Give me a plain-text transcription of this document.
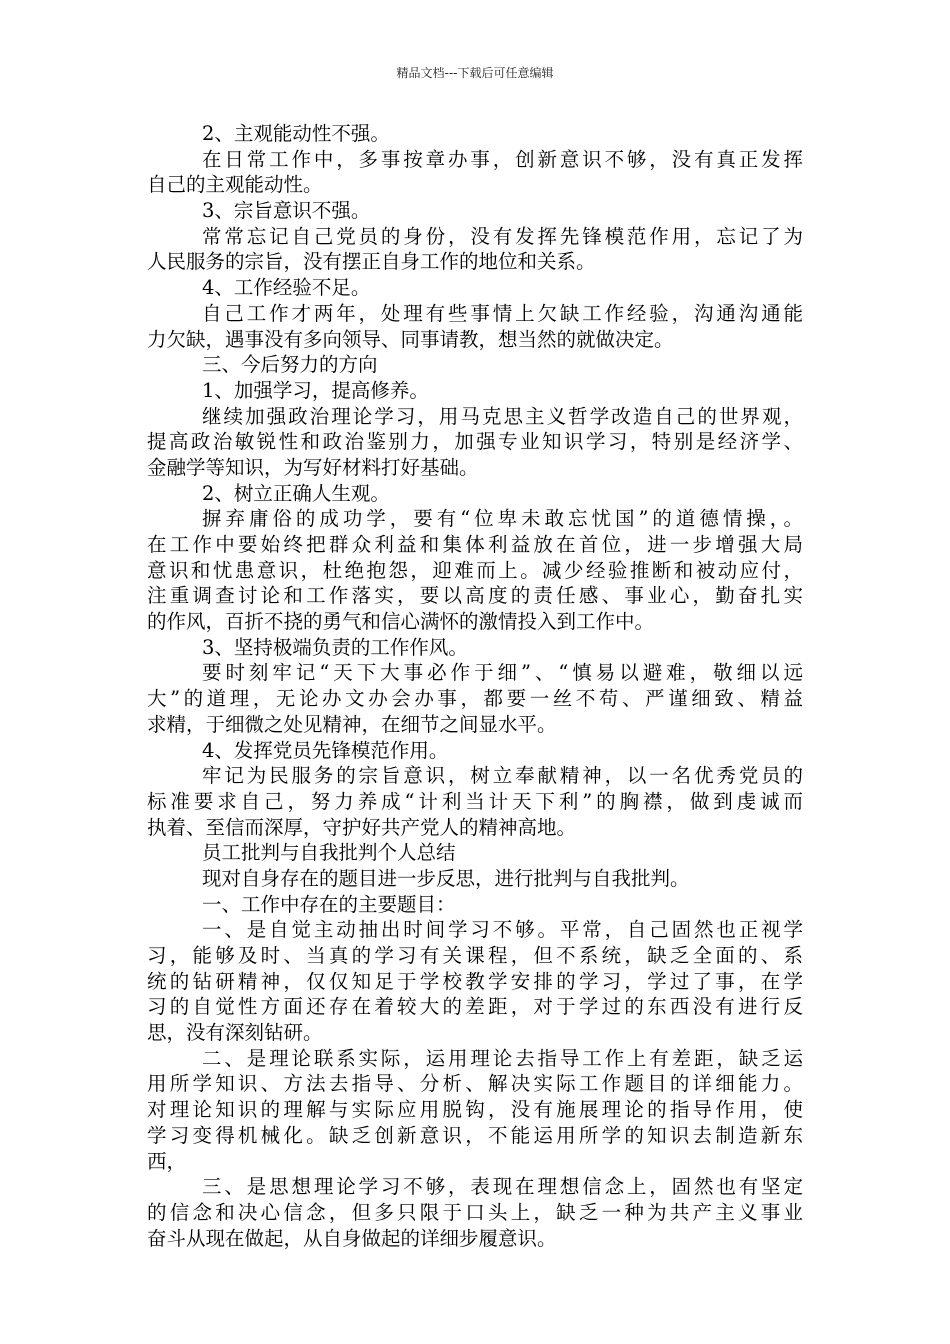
精品文档---下载后可任意编辑
2、主观能动性不强。
在日常工作中，多事按章办事，创新意识不够，没有真正发挥
自己的主观能动性。
3、宗旨意识不强。
常常忘记自己党员的身份，没有发挥先锋模范作用，忘记了为
人民服务的宗旨，没有摆正自身工作的地位和关系。
4、工作经验不足。
自己工作才两年，处理有些事情上欠缺工作经验，沟通沟通能
力欠缺，遇事没有多向领导、同事请教，想当然的就做决定。
三、今后努力的方向
1、加强学习，提高修养。
继续加强政治理论学习，用马克思主义哲学改造自己的世界观，
提高政治敏锐性和政治鉴别力，加强专业知识学习，特别是经济学、
金融学等知识，为写好材料打好基础。
2、树立正确人生观。
摒弃庸俗的成功学，要有“位卑未敢忘忧国”的道德情操，。
在工作中要始终把群众利益和集体利益放在首位，进一步增强大局
意识和忧患意识，杜绝抱怨，迎难而上。减少经验推断和被动应付，
注重调查讨论和工作落实，要以高度的责任感、事业心，勤奋扎实
的作风，百折不挠的勇气和信心满怀的激情投入到工作中。
3、坚持极端负责的工作作风。
要时刻牢记“天下大事必作于细”、“慎易以避难，敬细以远
大”的道理，无论办文办会办事，都要一丝不苟、严谨细致、精益
求精，于细微之处见精神，在细节之间显水平。
4、发挥党员先锋模范作用。
牢记为民服务的宗旨意识，树立奉献精神，以一名优秀党员的
标准要求自己，努力养成“计利当计天下利”的胸襟，做到虔诚而
执着、至信而深厚，守护好共产党人的精神高地。
员工批判与自我批判个人总结
现对自身存在的题目进一步反思，进行批判与自我批判。
一、工作中存在的主要题目：
一、是自觉主动抽出时间学习不够。平常，自己固然也正视学
习，能够及时、当真的学习有关课程，但不系统，缺乏全面的、系
统的钻研精神，仅仅知足于学校教学安排的学习，学过了事，在学
习的自觉性方面还存在着较大的差距，对于学过的东西没有进行反
思，没有深刻钻研。
二、是理论联系实际，运用理论去指导工作上有差距，缺乏运
用所学知识、方法去指导、分析、解决实际工作题目的详细能力。
对理论知识的理解与实际应用脱钩，没有施展理论的指导作用，使
学习变得机械化。缺乏创新意识，不能运用所学的知识去制造新东
西，
三、是思想理论学习不够，表现在理想信念上，固然也有坚定
的信念和决心信念，但多只限于口头上，缺乏一种为共产主义事业
奋斗从现在做起，从自身做起的详细步履意识。
